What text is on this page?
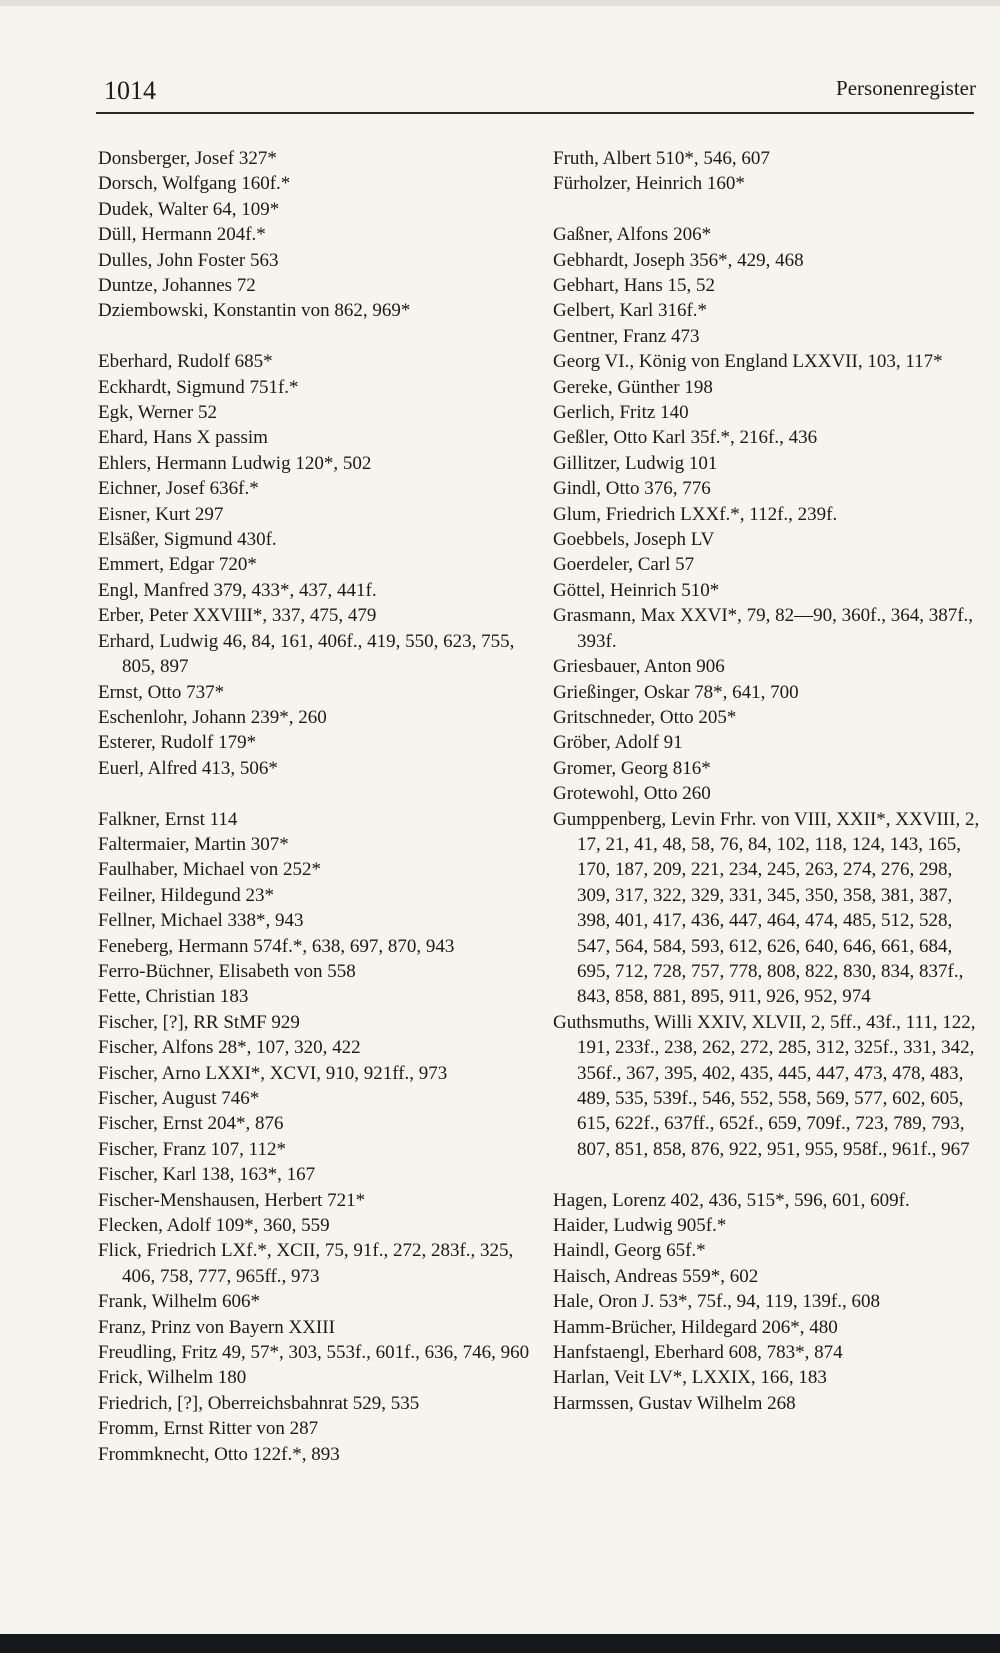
1014	Personenregister
Donsberger, Josef 327*
Dorsch, Wolfgang 160f.*
Dudek, Walter 64, 109*
Düll, Hermann 204f.*
Dulles, John Foster 563
Duntze, Johannes 72
Dziembowski, Konstantin von 862, 969*
Eberhard, Rudolf 685*
Eckhardt, Sigmund 751f.*
Egk, Werner 52
Ehard, Hans X passim
Ehlers, Hermann Ludwig 120*, 502
Eichner, Josef 636f.*
Eisner, Kurt 297
Elsäßer, Sigmund 430f.
Emmert, Edgar 720*
Engl, Manfred 379, 433*, 437, 441f.
Erber, Peter XXVIII*, 337, 475, 479
Erhard, Ludwig 46, 84, 161, 406f., 419, 550, 623, 755, 805, 897
Ernst, Otto 737*
Eschenlohr, Johann 239*, 260
Esterer, Rudolf 179*
Euerl, Alfred 413, 506*
Falkner, Ernst 114
Faltermaier, Martin 307*
Faulhaber, Michael von 252*
Feilner, Hildegund 23*
Fellner, Michael 338*, 943
Feneberg, Hermann 574f.*, 638, 697, 870, 943
Ferro-Büchner, Elisabeth von 558
Fette, Christian 183
Fischer, [?], RR StMF 929
Fischer, Alfons 28*, 107, 320, 422
Fischer, Arno LXXI*, XCVI, 910, 921ff., 973
Fischer, August 746*
Fischer, Ernst 204*, 876
Fischer, Franz 107, 112*
Fischer, Karl 138, 163*, 167
Fischer-Menshausen, Herbert 721*
Flecken, Adolf 109*, 360, 559
Flick, Friedrich LXf.*, XCII, 75, 91f., 272, 283f., 325, 406, 758, 777, 965ff., 973
Frank, Wilhelm 606*
Franz, Prinz von Bayern XXIII
Freudling, Fritz 49, 57*, 303, 553f., 601f., 636, 746, 960
Frick, Wilhelm 180
Friedrich, [?], Oberreichsbahnrat 529, 535
Fromm, Ernst Ritter von 287
Frommknecht, Otto 122f.*, 893
Fruth, Albert 510*, 546, 607
Fürholzer, Heinrich 160*
Gaßner, Alfons 206*
Gebhardt, Joseph 356*, 429, 468
Gebhart, Hans 15, 52
Gelbert, Karl 316f.*
Gentner, Franz 473
Georg VI., König von England LXXVII, 103, 117*
Gereke, Günther 198
Gerlich, Fritz 140
Geßler, Otto Karl 35f.*, 216f., 436
Gillitzer, Ludwig 101
Gindl, Otto 376, 776
Glum, Friedrich LXXf.*, 112f., 239f.
Goebbels, Joseph LV
Goerdeler, Carl 57
Göttel, Heinrich 510*
Grasmann, Max XXVI*, 79, 82—90, 360f., 364, 387f., 393f.
Griesbauer, Anton 906
Grießinger, Oskar 78*, 641, 700
Gritschneder, Otto 205*
Gröber, Adolf 91
Gromer, Georg 816*
Grotewohl, Otto 260
Gumppenberg, Levin Frhr. von VIII, XXII*, XXVIII, 2, 17, 21, 41, 48, 58, 76, 84, 102, 118, 124, 143, 165, 170, 187, 209, 221, 234, 245, 263, 274, 276, 298, 309, 317, 322, 329, 331, 345, 350, 358, 381, 387, 398, 401, 417, 436, 447, 464, 474, 485, 512, 528, 547, 564, 584, 593, 612, 626, 640, 646, 661, 684, 695, 712, 728, 757, 778, 808, 822, 830, 834, 837f., 843, 858, 881, 895, 911, 926, 952, 974
Guthsmuths, Willi XXIV, XLVII, 2, 5ff., 43f., 111, 122, 191, 233f., 238, 262, 272, 285, 312, 325f., 331, 342, 356f., 367, 395, 402, 435, 445, 447, 473, 478, 483, 489, 535, 539f., 546, 552, 558, 569, 577, 602, 605, 615, 622f., 637ff., 652f., 659, 709f., 723, 789, 793, 807, 851, 858, 876, 922, 951, 955, 958f., 961f., 967
Hagen, Lorenz 402, 436, 515*, 596, 601, 609f.
Haider, Ludwig 905f.*
Haindl, Georg 65f.*
Haisch, Andreas 559*, 602
Hale, Oron J. 53*, 75f., 94, 119, 139f., 608
Hamm-Brücher, Hildegard 206*, 480
Hanfstaengl, Eberhard 608, 783*, 874
Harlan, Veit LV*, LXXIX, 166, 183
Harmssen, Gustav Wilhelm 268
